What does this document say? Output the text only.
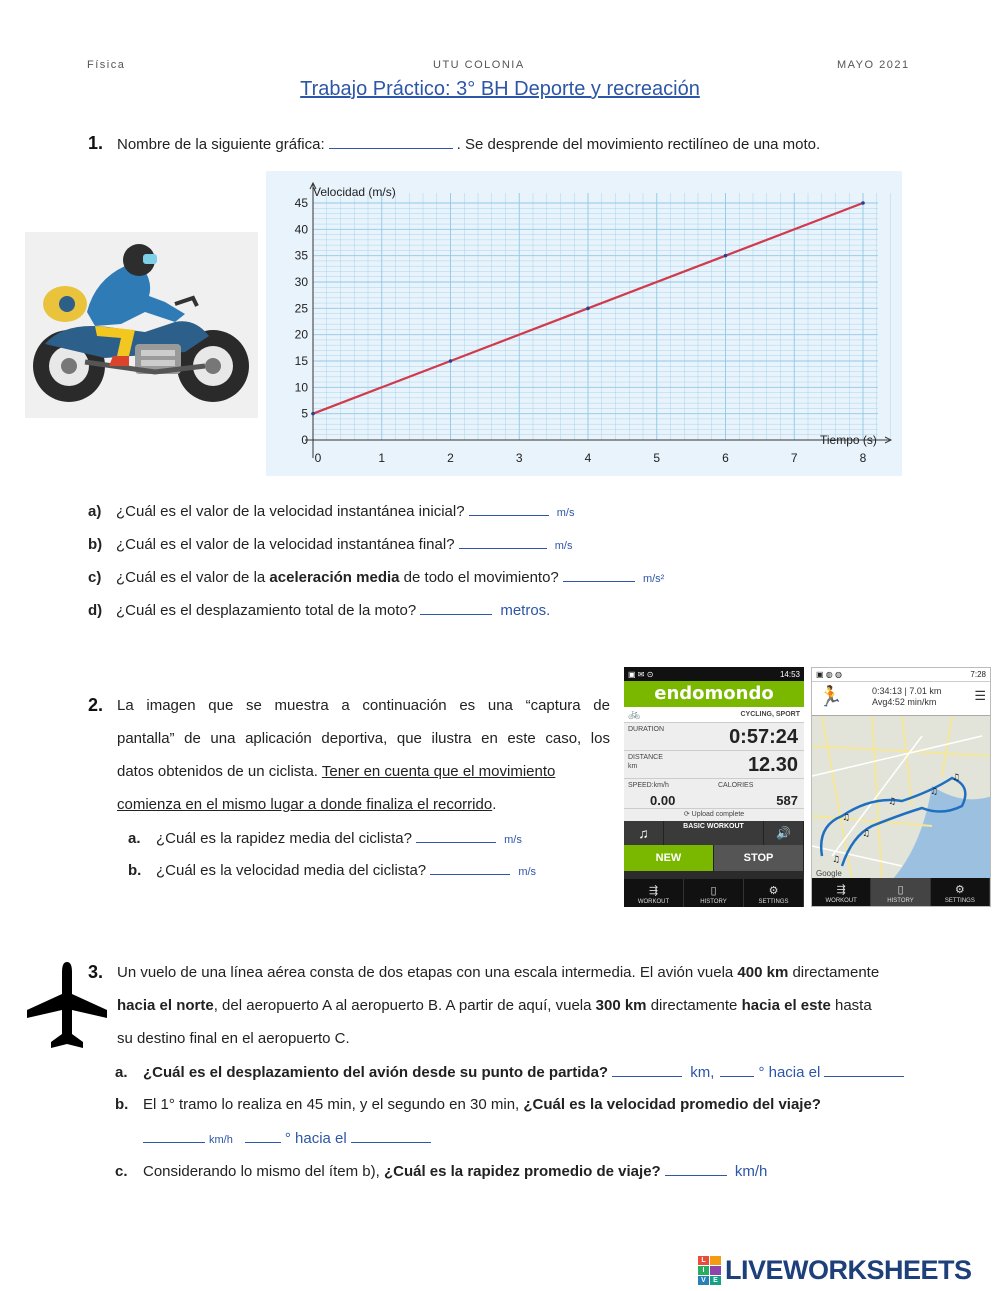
Física	UTU COLONIA	MAYO 2021
Trabajo Práctico: 3° BH Deporte y recreación
1. Nombre de la siguiente gráfica:	. Se desprende del movimiento rectilíneo de una moto.
0
5
10
15
20
25
30
35
40
45
0	1	2	3	4	5	6	7	8
Velocidad (m/s)
Tiempo (s)
a) ¿Cuál es el valor de la velocidad instantánea inicial?	m/s
b) ¿Cuál es el valor de la velocidad instantánea final?	m/s
c) ¿Cuál es el valor de la aceleración media de todo el movimiento?	m/s²
d) ¿Cuál es el desplazamiento total de la moto?	metros.
2. La imagen que se muestra a continuación es una “captura de
pantalla” de una aplicación deportiva, que ilustra en este caso, los
datos obtenidos de un ciclista. Tener en cuenta que el movimiento
comienza en el mismo lugar a donde finaliza el recorrido.
a. ¿Cuál es la rapidez media del ciclista?	m/s
b. ¿Cuál es la velocidad media del ciclista?	m/s
▣ ✉ ⊙	14:53
endomondo
🚲	CYCLING, SPORT
DURATION	0:57:24
DISTANCE
km	12.30
SPEED:km/h
0.00
CALORIES
587
⟳ Upload complete
♫	BASIC WORKOUT	🔊
NEW	STOP
⇶
WORKOUT
▯
HISTORY
⚙
SETTINGS
▣ ◍ ◍	7:28
🏃	0:34:13 | 7.01 km
Avg4:52 min/km	☰
♫
♫
♫
♫
♫
♫
Google
⇶
WORKOUT
▯
HISTORY
⚙
SETTINGS
3. Un vuelo de una línea aérea consta de dos etapas con una escala intermedia. El avión vuela 400 km directamente
hacia el norte, del aeropuerto A al aeropuerto B. A partir de aquí, vuela 300 km directamente hacia el este hasta
su destino final en el aeropuerto C.
a. ¿Cuál es el desplazamiento del avión desde su punto de partida?	km,	° hacia el
b. El 1° tramo lo realiza en 45 min, y el segundo en 30 min, ¿Cuál es la velocidad promedio del viaje?
km/h	° hacia el
c. Considerando lo mismo del ítem b), ¿Cuál es la rapidez promedio de viaje?	km/h
L
I
V	E LIVEWORKSHEETS
